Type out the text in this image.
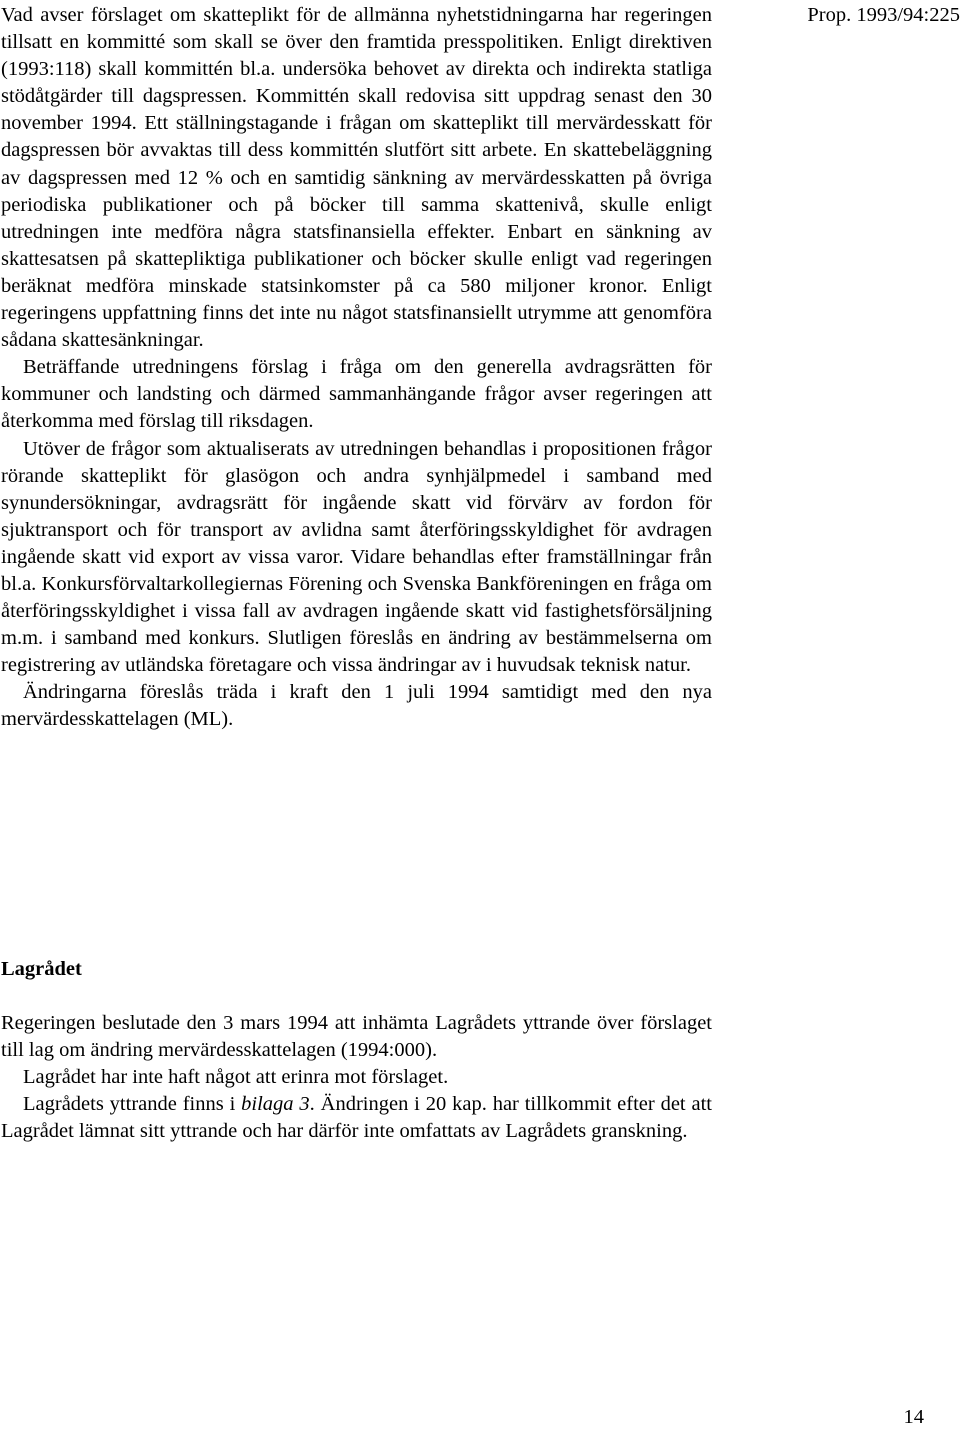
Prop. 1993/94:225

Vad avser förslaget om skatteplikt för de allmänna nyhetstidningarna har regeringen tillsatt en kommitté som skall se över den framtida presspolitiken. Enligt direktiven (1993:118) skall kommittén bl.a. undersöka behovet av direkta och indirekta statliga stödåtgärder till dagspressen. Kommittén skall redovisa sitt uppdrag senast den 30 november 1994. Ett ställningstagande i frågan om skatteplikt till mervärdesskatt för dagspressen bör avvaktas till dess kommittén slutfört sitt arbete. En skattebeläggning av dagspressen med 12 % och en samtidig sänkning av mervärdesskatten på övriga periodiska publikationer och på böcker till samma skattenivå, skulle enligt utredningen inte medföra några statsfinansiella effekter. Enbart en sänkning av skattesatsen på skattepliktiga publikationer och böcker skulle enligt vad regeringen beräknat medföra minskade statsinkomster på ca 580 miljoner kronor. Enligt regeringens uppfattning finns det inte nu något statsfinansiellt utrymme att genomföra sådana skattesänkningar.

Beträffande utredningens förslag i fråga om den generella avdragsrätten för kommuner och landsting och därmed sammanhängande frågor avser regeringen att återkomma med förslag till riksdagen.

Utöver de frågor som aktualiserats av utredningen behandlas i propositionen frågor rörande skatteplikt för glasögon och andra synhjälpmedel i samband med synundersökningar, avdragsrätt för ingående skatt vid förvärv av fordon för sjuktransport och för transport av avlidna samt återföringsskyldighet för avdragen ingående skatt vid export av vissa varor. Vidare behandlas efter framställningar från bl.a. Konkursförvaltarkollegiernas Förening och Svenska Bankföreningen en fråga om återföringsskyldighet i vissa fall av avdragen ingående skatt vid fastighetsförsäljning m.m. i samband med konkurs. Slutligen föreslås en ändring av bestämmelserna om registrering av utländska företagare och vissa ändringar av i huvudsak teknisk natur.

Ändringarna föreslås träda i kraft den 1 juli 1994 samtidigt med den nya mervärdesskattelagen (ML).

Lagrådet

Regeringen beslutade den 3 mars 1994 att inhämta Lagrådets yttrande över förslaget till lag om ändring mervärdesskattelagen (1994:000).

Lagrådet har inte haft något att erinra mot förslaget.

Lagrådets yttrande finns i bilaga 3. Ändringen i 20 kap. har tillkommit efter det att Lagrådet lämnat sitt yttrande och har därför inte omfattats av Lagrådets granskning.

14
